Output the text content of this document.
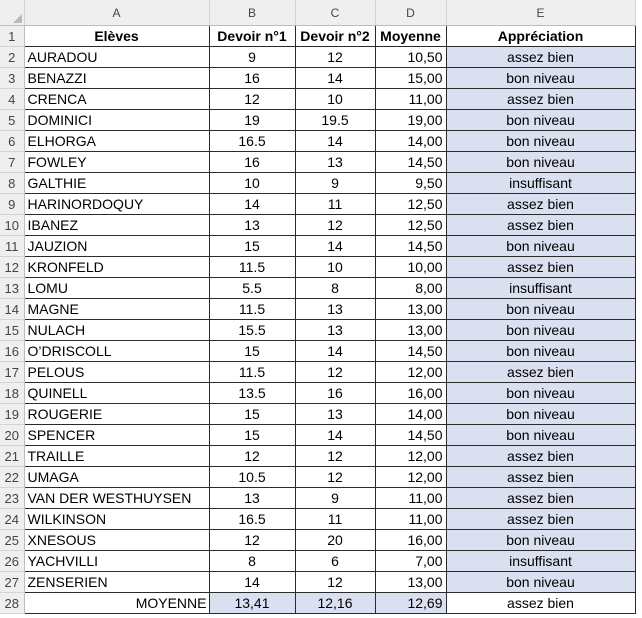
	A	B	C	D	E
1	Elèves	Devoir n°1	Devoir n°2	Moyenne	Appréciation
2	AURADOU	9	12	10,50	assez bien
3	BENAZZI	16	14	15,00	bon niveau
4	CRENCA	12	10	11,00	assez bien
5	DOMINICI	19	19.5	19,00	bon niveau
6	ELHORGA	16.5	14	14,00	bon niveau
7	FOWLEY	16	13	14,50	bon niveau
8	GALTHIE	10	9	9,50	insuffisant
9	HARINORDOQUY	14	11	12,50	assez bien
10	IBANEZ	13	12	12,50	assez bien
11	JAUZION	15	14	14,50	bon niveau
12	KRONFELD	11.5	10	10,00	assez bien
13	LOMU	5.5	8	8,00	insuffisant
14	MAGNE	11.5	13	13,00	bon niveau
15	NULACH	15.5	13	13,00	bon niveau
16	O’DRISCOLL	15	14	14,50	bon niveau
17	PELOUS	11.5	12	12,00	assez bien
18	QUINELL	13.5	16	16,00	bon niveau
19	ROUGERIE	15	13	14,00	bon niveau
20	SPENCER	15	14	14,50	bon niveau
21	TRAILLE	12	12	12,00	assez bien
22	UMAGA	10.5	12	12,00	assez bien
23	VAN DER WESTHUYSEN	13	9	11,00	assez bien
24	WILKINSON	16.5	11	11,00	assez bien
25	XNESOUS	12	20	16,00	bon niveau
26	YACHVILLI	8	6	7,00	insuffisant
27	ZENSERIEN	14	12	13,00	bon niveau
28	MOYENNE	13,41	12,16	12,69	assez bien
